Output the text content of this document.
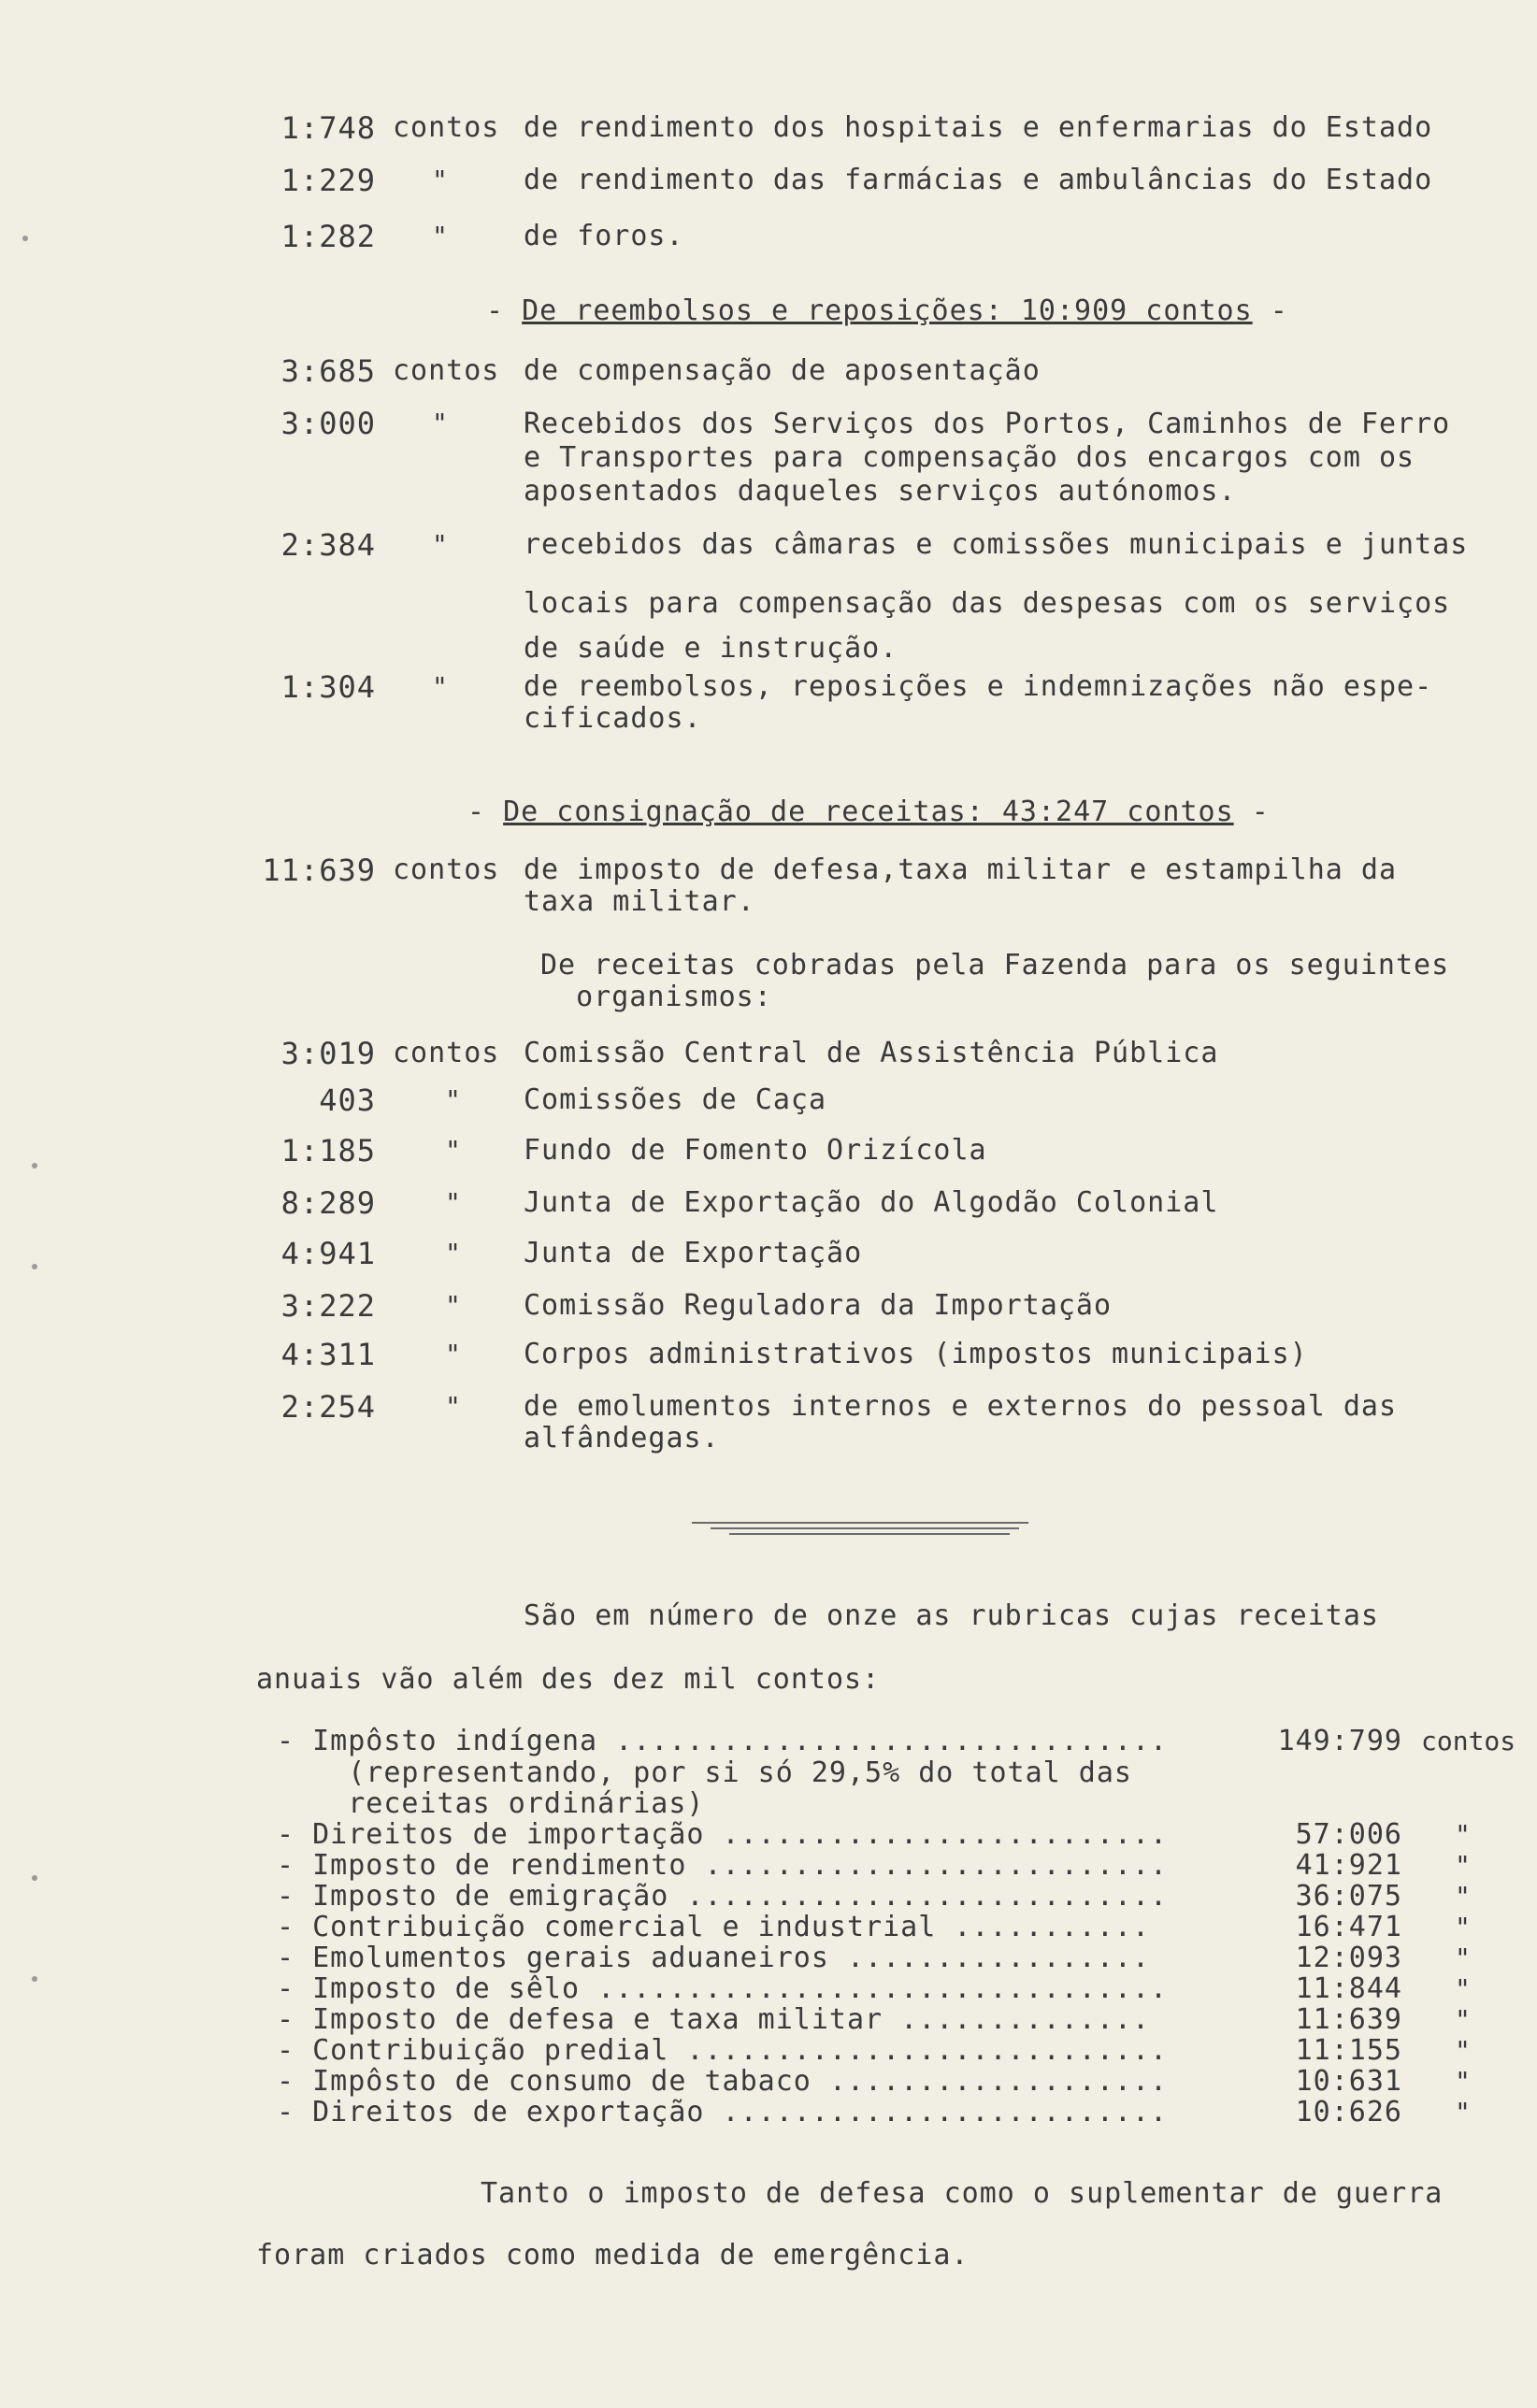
1:748 contos de rendimento dos hospitais e enfermarias do Estado
1:229 "	de rendimento das farmácias e ambulâncias do Estado
1:282 "	de foros.
- De reembolsos e reposições: 10:909 contos -
3:685 contos de compensação de aposentação
3:000 "	Recebidos dos Serviços dos Portos, Caminhos de Ferro
e Transportes para compensação dos encargos com os
aposentados daqueles serviços autónomos.
2:384 "	recebidos das câmaras e comissões municipais e juntas
locais para compensação das despesas com os serviços
de saúde e instrução.
1:304 "	de reembolsos, reposições e indemnizações não espe-
cificados.
- De consignação de receitas: 43:247 contos -
11:639 contos de imposto de defesa,taxa militar e estampilha da
taxa militar.
De receitas cobradas pela Fazenda para os seguintes
organismos:
3:019 contos Comissão Central de Assistência Pública
403	" Comissões de Caça
1:185	" Fundo de Fomento Orizícola
8:289	" Junta de Exportação do Algodão Colonial
4:941	" Junta de Exportação
3:222	" Comissão Reguladora da Importação
4:311	" Corpos administrativos (impostos municipais)
2:254	" de emolumentos internos e externos do pessoal das
alfândegas.
São em número de onze as rubricas cujas receitas
anuais vão além des dez mil contos:
- Impôsto indígena ...............................	149:799 contos
(representando, por si só 29,5% do total das
receitas ordinárias)
- Direitos de importação .........................	57:006 "
- Imposto de rendimento ..........................	41:921 "
- Imposto de emigração ...........................	36:075 "
- Contribuição comercial e industrial ...........	16:471 "
- Emolumentos gerais aduaneiros .................	12:093 "
- Imposto de sêlo ................................	11:844 "
- Imposto de defesa e taxa militar ..............	11:639 "
- Contribuição predial ...........................	11:155 "
- Impôsto de consumo de tabaco ...................	10:631 "
- Direitos de exportação .........................	10:626 "
Tanto o imposto de defesa como o suplementar de guerra
foram criados como medida de emergência.
